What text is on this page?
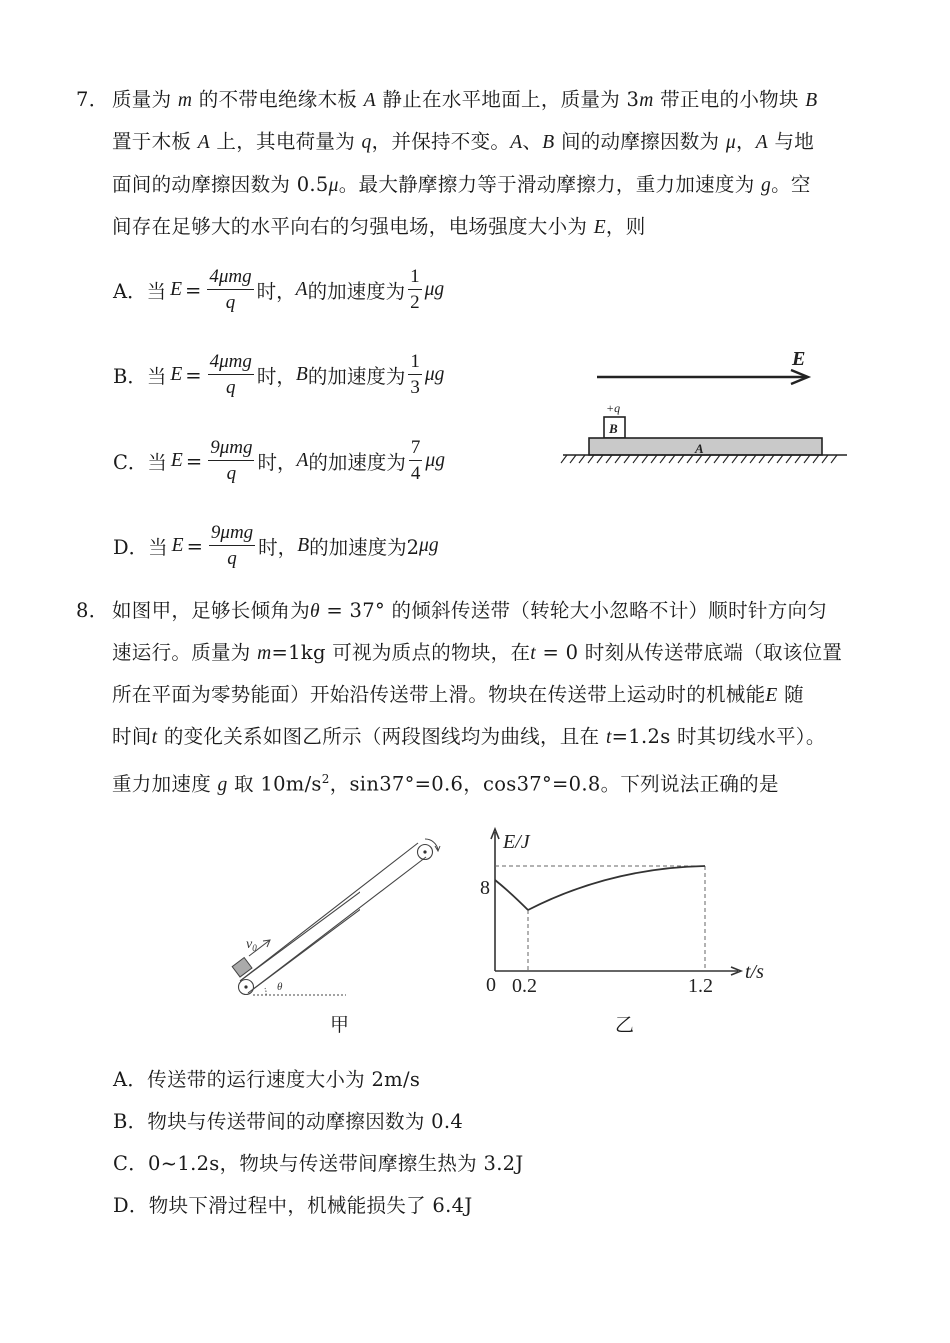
7． 质量为 m 的不带电绝缘木板 A 静止在水平地面上，质量为 3m 带正电的小物块 B
置于木板 A 上，其电荷量为 q，并保持不变。A、B 间的动摩擦因数为 μ，A 与地
面间的动摩擦因数为 0.5μ。最大静摩擦力等于滑动摩擦力，重力加速度为 g。空
间存在足够大的水平向右的匀强电场，电场强度大小为 E，则
A．当 $E = \frac{\text{4μmg}}{q}$ 时， A 的加速度为 $\frac{1}{2}$ μg
B．当 $E = \frac{\text{4μmg}}{q}$ 时， B 的加速度为 $\frac{1}{3}$ μg
C．当 $E = \frac{\text{9μmg}}{q}$ 时， A 的加速度为 $\frac{7}{4}$ μg
D．当 $E = \frac{\text{9μmg}}{q}$ 时， B 的加速度为2 μg
E
B
+q
A
8． 如图甲，足够长倾角为θ = 37° 的倾斜传送带（转轮大小忽略不计）顺时针方向匀
速运行。质量为 m=1kg 可视为质点的物块，在t = 0 时刻从传送带底端（取该位置
所在平面为零势能面）开始沿传送带上滑。物块在传送带上运动时的机械能E 随
时间t 的变化关系如图乙所示（两段图线均为曲线，且在 t=1.2s 时其切线水平）。
重力加速度 g 取 $10m/s^2$，sin37°=0.6，cos37°=0.8。下列说法正确的是
θ
$v_0$
甲
E/J
t/s
0
8
0.2	1.2
乙
A．传送带的运行速度大小为 2m/s
B．物块与传送带间的动摩擦因数为 0.4
C．0~1.2s，物块与传送带间摩擦生热为 3.2J
D．物块下滑过程中，机械能损失了 6.4J
